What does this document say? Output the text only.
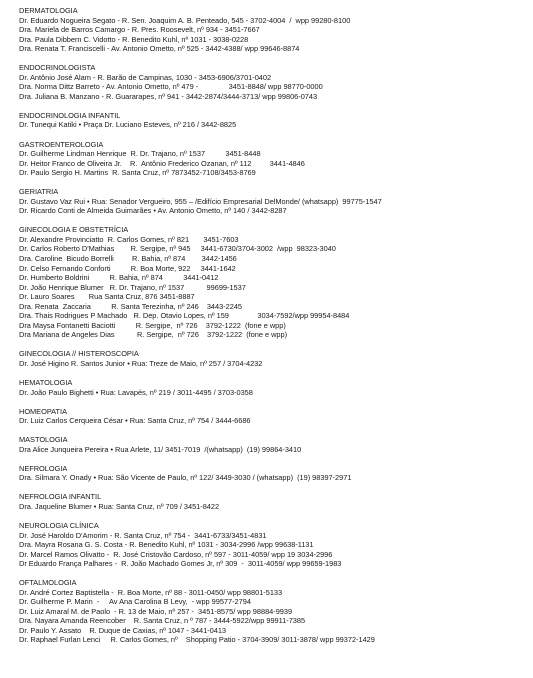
DERMATOLOGIA
Dr. Eduardo Nogueira Segato - R. Sen. Joaquim A. B. Penteado, 545 - 3702-4004  /  wpp 99280-8100
Dra. Mariela de Barros Camargo - R. Pres. Roosevelt, nº 934 - 3451-7667
Dra. Paula Dibbern C. Vidotto - R. Benedito Kuhl, nº 1031 - 3038-0228
Dra. Renata T. Franciscelli - Av. Antonio Ometto, nº 525 - 3442-4388/ wpp 99646-8874
ENDOCRINOLOGISTA
Dr. Antônio José Alam - R. Barão de Campinas, 1030 - 3453-6906/3701-0402
Dra. Norma Dittz Barreto - Av. Antonio Ometto, nº 479 -               3451-8848/ wpp 98770-0000
Dra. Juliana B. Manzano - R. Guararapes, nº 941 - 3442-2874/3444-3713/ wpp 99806-0743
ENDOCRINOLOGIA INFANTIL
Dr. Tunequi Katiki • Praça Dr. Luciano Esteves, nº 216 / 3442-8825
GASTROENTEROLOGIA
Dr. Guilherme Lindman Henrique  R. Dr. Trajano, nº 1537          3451-8448
Dr. Heitor Franco de Oliveira Jr.    R.  Antônio Frederico Ozanan, nº 112         3441-4846
Dr. Paulo Sergio H. Martins  R. Santa Cruz, nº 7873452-7108/3453-8769
GERIATRIA
Dr. Gustavo Vaz Rui • Rua: Senador Vergueiro, 955 – /Edifício Empresarial DelMonde/ (whatsapp)  99775-1547
Dr. Ricardo Conti de Almeida Guimarães • Av. Antonio Ometto, nº 140 / 3442-8287
GINECOLOGIA E OBSTETRÍCIA
Dr. Alexandre Provinciatto  R. Carlos Gomes, nº 821       3451-7603
Dr. Carlos Roberto D'Mathias        R. Sergipe, nº 945     3441-6730/3704-3002  /wpp  98323-3040
Dra. Caroline  Bicudo Borrelli         R. Bahia, nº 874        3442-1456
Dr. Celso Fernando Conforti          R. Boa Morte, 922     3441-1642
Dr. Humberto Boldrini          R. Bahia, nº 874          3441-0412
Dr. João Henrique Blumer   R. Dr. Trajano, nº 1537           99699-1537
Dr. Lauro Soares       Rua Santa Cruz, 876 3451-8887
Dra. Renata  Zaccaria          R. Santa Terezinha, nº 246    3443-2245
Dra. Thais Rodrigues P Machado   R. Dep. Otavio Lopes, nº 159              3034-7592/wpp 99954-8484
Dra Maysa Fontanetti Baciotti          R. Sergipe,  nº 726    3792-1222  (fone e wpp)
Dra Mariana de Angeles Dias           R. Sergipe,  nº 726    3792-1222  (fone e wpp)
GINECOLOGIA // HISTEROSCOPIA
Dr. José Higino R. Santos Junior • Rua: Treze de Maio, nº 257 / 3704-4232
HEMATOLOGIA
Dr. João Paulo Bighetti • Rua: Lavapés, nº 219 / 3011-4495 / 3703-0358
HOMEOPATIA
Dr. Luiz Carlos Cerqueira César • Rua: Santa Cruz, nº 754 / 3444-6686
MASTOLOGIA
Dra Alice Junqueira Pereira • Rua Arlete, 11/ 3451-7019  /(whatsapp)  (19) 99864-3410
NEFROLOGIA
Dra. Silmara Y. Onady • Rua: São Vicente de Paulo, nº 122/ 3449-3030 / (whatsapp)  (19) 98397-2971
NEFROLOGIA INFANTIL
Dra. Jaqueline Blumer • Rua: Santa Cruz, nº 709 / 3451-8422
NEUROLOGIA CLÍNICA
Dr. José Haroldo D'Amorim - R. Santa Cruz, nº 754 -  3441-6733/3451-4831
Dra. Mayra Rosana G. S. Costa - R. Benedito Kuhl, nº 1031 - 3034-2996 /wpp 99638-1131
Dr. Marcel Ramos Olivatto -  R. José Cristovão Cardoso, nº 597 - 3011-4059/ wpp 19 3034-2996
Dr Eduardo França Palhares -  R. João Machado Gomes Jr, nº 309  -  3011-4059/ wpp 99659-1983
OFTALMOLOGIA
Dr. André Cortez Baptistella -  R. Boa Morte, nº 88 - 3011-0450/ wpp 98801-5133
Dr. Guilherme P. Marin  -     Av Ana Carolina B Levy,  - wpp 99577-2794
Dr. Luiz Amaral M. de Paolo  - R. 13 de Maio, nº 257 -  3451-8575/ wpp 98884-9939
Dra. Nayara Amanda Reencober    R. Santa Cruz, n º 787 - 3444-5922/wpp 99911-7385
Dr. Paulo Y. Assato    R. Duque de Caxias, nº 1047 - 3441-0413
Dr. Raphael Furlan Lenci     R. Carlos Gomes, nº    Shopping Patio - 3704-3909/ 3011-3878/ wpp 99372-1429
